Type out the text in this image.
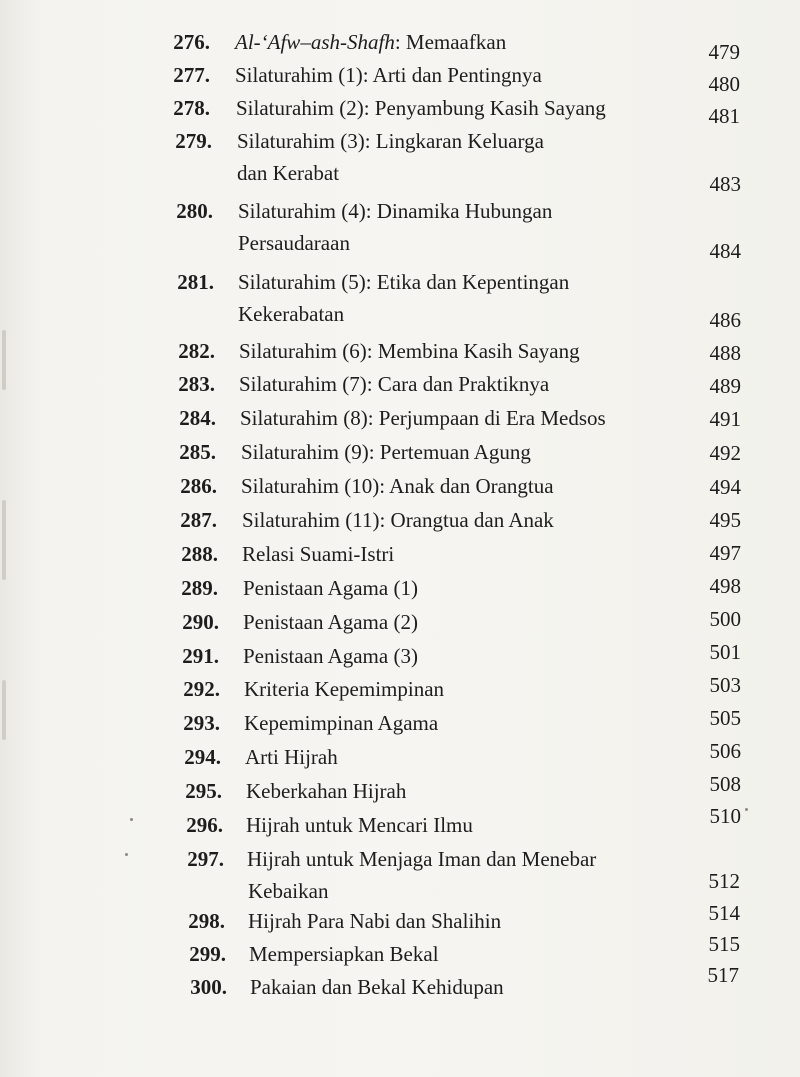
276. Al-‘Afw–ash-Shafh: Memaafkan	479
277. Silaturahim (1): Arti dan Pentingnya	480
278. Silaturahim (2): Penyambung Kasih Sayang	481
279. Silaturahim (3): Lingkaran Keluarga
dan Kerabat	483
280. Silaturahim (4): Dinamika Hubungan
Persaudaraan	484
281. Silaturahim (5): Etika dan Kepentingan
Kekerabatan	486
282. Silaturahim (6): Membina Kasih Sayang	488
283. Silaturahim (7): Cara dan Praktiknya	489
284. Silaturahim (8): Perjumpaan di Era Medsos	491
285. Silaturahim (9): Pertemuan Agung	492
286. Silaturahim (10): Anak dan Orangtua	494
287. Silaturahim (11): Orangtua dan Anak	495
288. Relasi Suami-Istri	497
289. Penistaan Agama (1)	498
290. Penistaan Agama (2)	500
291. Penistaan Agama (3)	501
292. Kriteria Kepemimpinan	503
293. Kepemimpinan Agama	505
294. Arti Hijrah	506
295. Keberkahan Hijrah	508
296. Hijrah untuk Mencari Ilmu	510
297. Hijrah untuk Menjaga Iman dan Menebar
Kebaikan	512
298. Hijrah Para Nabi dan Shalihin	514
299. Mempersiapkan Bekal	515
300. Pakaian dan Bekal Kehidupan	517
